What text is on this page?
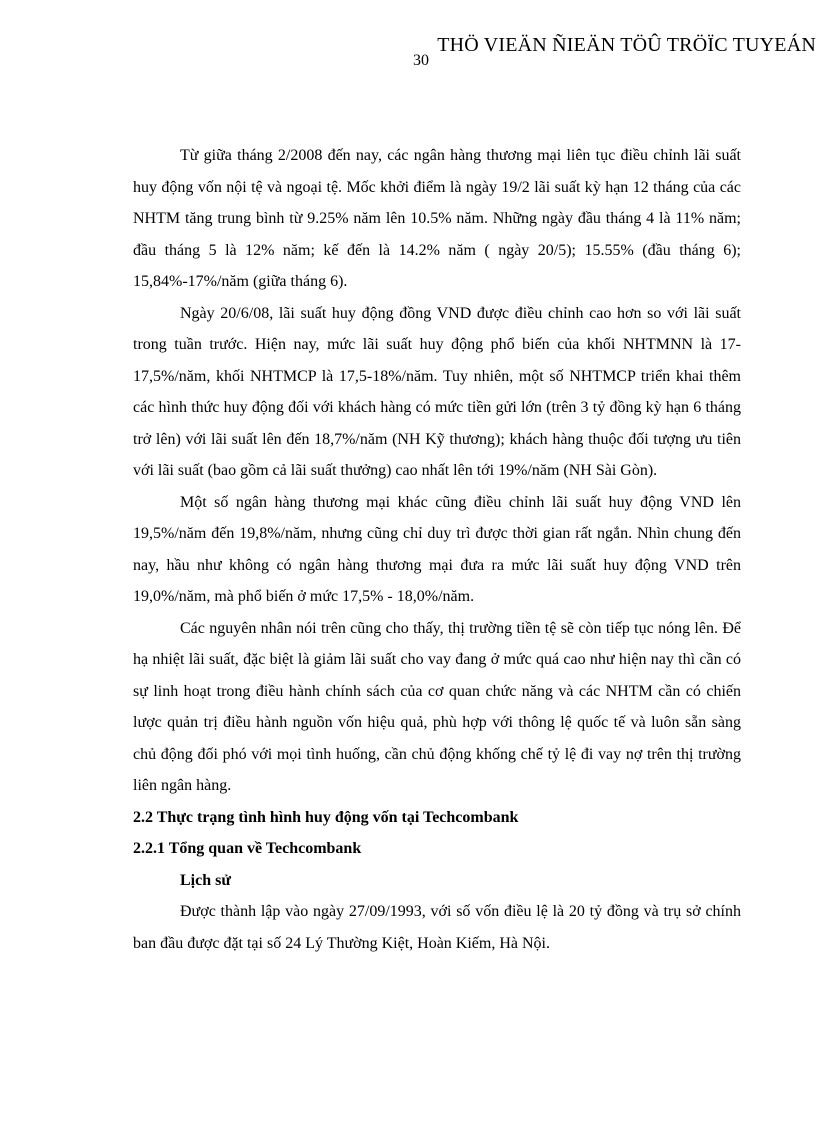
THÖ VIEÄN ÑIEÄN TÖÛ TRÖÏC TUYEÁN
30

Từ giữa tháng 2/2008 đến nay, các ngân hàng thương mại liên tục điều chỉnh lãi suất huy động vốn nội tệ và ngoại tệ. Mốc khởi điểm là ngày 19/2 lãi suất kỳ hạn 12 tháng của các NHTM tăng trung bình từ 9.25% năm lên 10.5% năm. Những ngày đầu tháng 4 là 11% năm; đầu tháng 5 là 12% năm; kế đến là 14.2% năm ( ngày 20/5); 15.55% (đầu tháng 6); 15,84%-17%/năm (giữa tháng 6).

Ngày 20/6/08, lãi suất huy động đồng VND được điều chỉnh cao hơn so với lãi suất trong tuần trước. Hiện nay, mức lãi suất huy động phổ biến của khối NHTMNN là 17-17,5%/năm, khối NHTMCP là 17,5-18%/năm. Tuy nhiên, một số NHTMCP triển khai thêm các hình thức huy động đối với khách hàng có mức tiền gửi lớn (trên 3 tỷ đồng kỳ hạn 6 tháng trở lên) với lãi suất lên đến 18,7%/năm (NH Kỹ thương); khách hàng thuộc đối tượng ưu tiên với lãi suất (bao gồm cả lãi suất thưởng) cao nhất lên tới 19%/năm (NH Sài Gòn).

Một số ngân hàng thương mại khác cũng điều chỉnh lãi suất huy động VND lên 19,5%/năm đến 19,8%/năm, nhưng cũng chỉ duy trì được thời gian rất ngắn. Nhìn chung đến nay, hầu như không có ngân hàng thương mại đưa ra mức lãi suất huy động VND trên 19,0%/năm, mà phổ biến ở mức 17,5% - 18,0%/năm.

Các nguyên nhân nói trên cũng cho thấy, thị trường tiền tệ sẽ còn tiếp tục nóng lên. Để hạ nhiệt lãi suất, đặc biệt là giảm lãi suất cho vay đang ở mức quá cao như hiện nay thì cần có sự linh hoạt trong điều hành chính sách của cơ quan chức năng và các NHTM cần có chiến lược quản trị điều hành nguồn vốn hiệu quả, phù hợp với thông lệ quốc tế và luôn sẵn sàng chủ động đối phó với mọi tình huống, cần chủ động khống chế tỷ lệ đi vay nợ trên thị trường liên ngân hàng.

2.2 Thực trạng tình hình huy động vốn tại Techcombank
2.2.1 Tổng quan về Techcombank
Lịch sử

Được thành lập vào ngày 27/09/1993, với số vốn điều lệ là 20 tỷ đồng và trụ sở chính ban đầu được đặt tại số 24 Lý Thường Kiệt, Hoàn Kiếm, Hà Nội.
